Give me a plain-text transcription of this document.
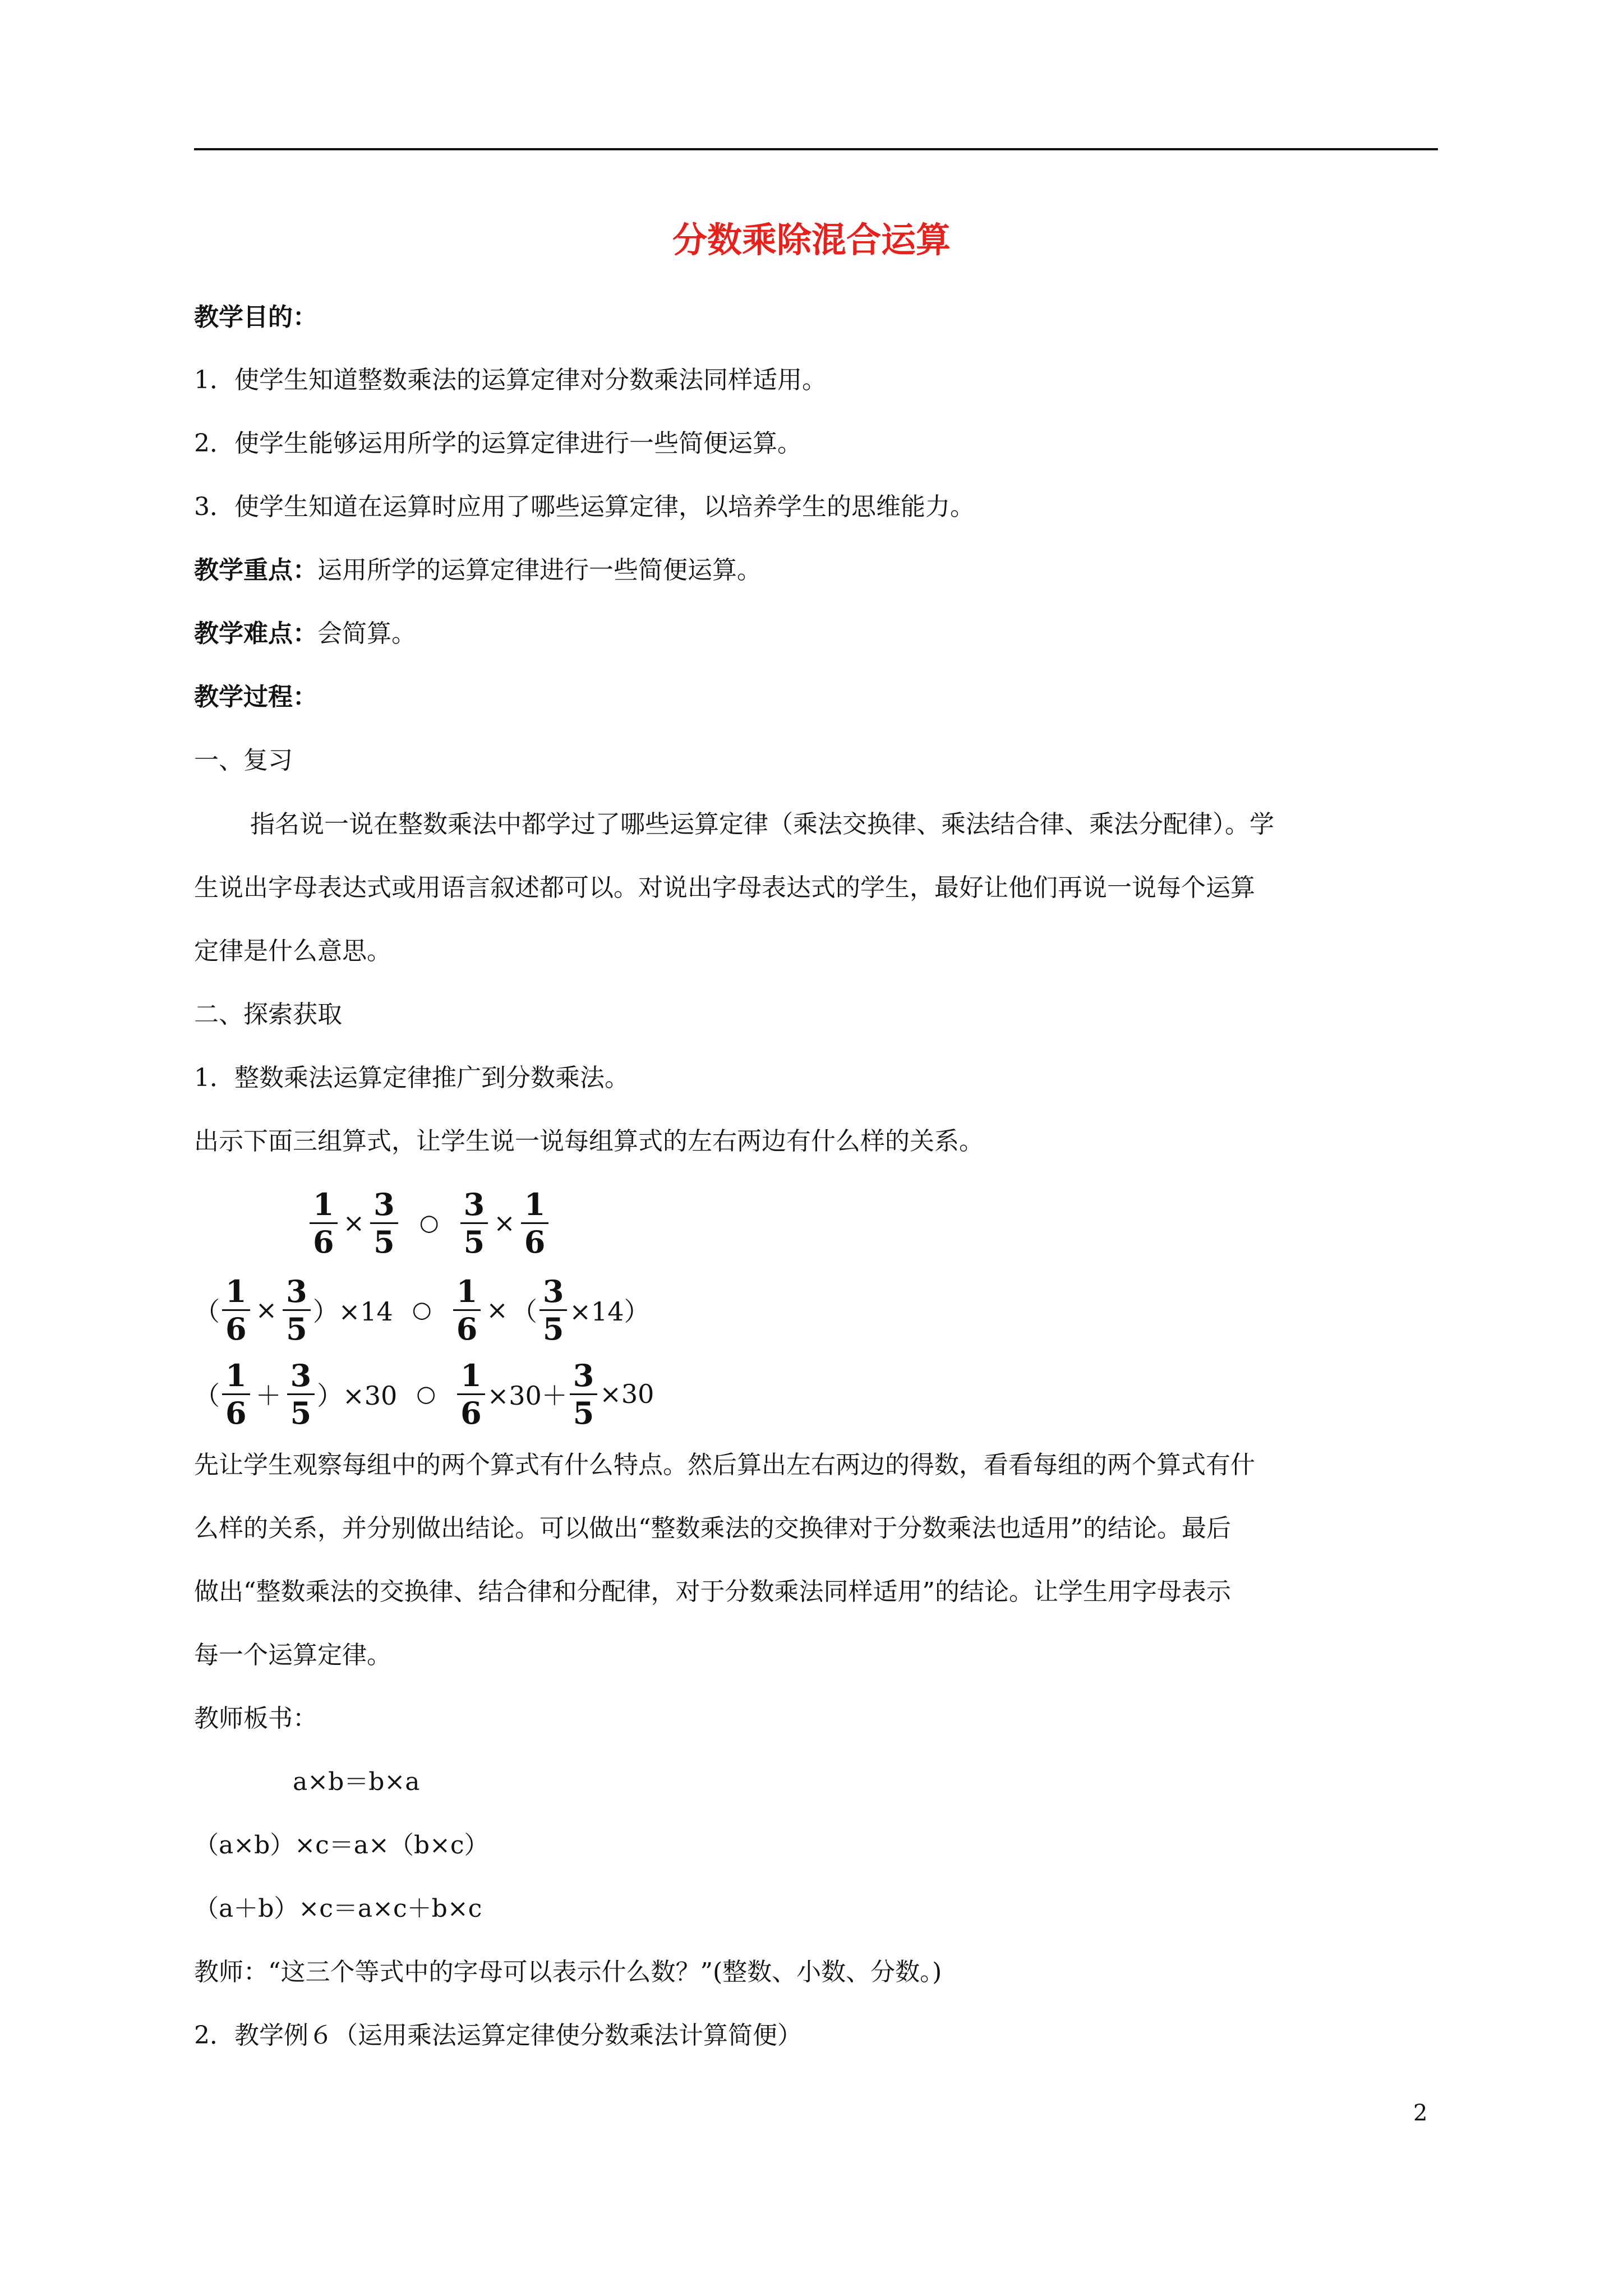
分数乘除混合运算
教学目的：
1．使学生知道整数乘法的运算定律对分数乘法同样适用。
2．使学生能够运用所学的运算定律进行一些简便运算。
3．使学生知道在运算时应用了哪些运算定律，以培养学生的思维能力。
教学重点：运用所学的运算定律进行一些简便运算。
教学难点：会简算。
教学过程：
一、复习
指名说一说在整数乘法中都学过了哪些运算定律（乘法交换律、乘法结合律、乘法分配律）。学
生说出字母表达式或用语言叙述都可以。对说出字母表达式的学生，最好让他们再说一说每个运算
定律是什么意思。
二、探索获取
1．整数乘法运算定律推广到分数乘法。
出示下面三组算式，让学生说一说每组算式的左右两边有什么样的关系。
$\frac{1}{6} \times \frac{3}{5}$ ○ $\frac{3}{5} \times \frac{1}{6}$
（ $\frac{1}{6} \times \frac{3}{5} )\times 14$ ○ $\frac{1}{6}$ × （ $\frac{3}{5} \times 14$）
（ $\frac{1}{6} + \frac{3}{5} )\times 30$ ○ $\frac{1}{6} \times 30+ \frac{3}{5} \times 30$
先让学生观察每组中的两个算式有什么特点。然后算出左右两边的得数，看看每组的两个算式有什
么样的关系，并分别做出结论。可以做出“整数乘法的交换律对于分数乘法也适用”的结论。最后
做出“整数乘法的交换律、结合律和分配律，对于分数乘法同样适用”的结论。让学生用字母表示
每一个运算定律。
教师板书：
a×b＝b×a
（a×b）×c＝a×（b×c）
（a＋b）×c＝a×c＋b×c
教师：“这三个等式中的字母可以表示什么数？”(整数、小数、分数。)
2．教学例６（运用乘法运算定律使分数乘法计算简便）
2
